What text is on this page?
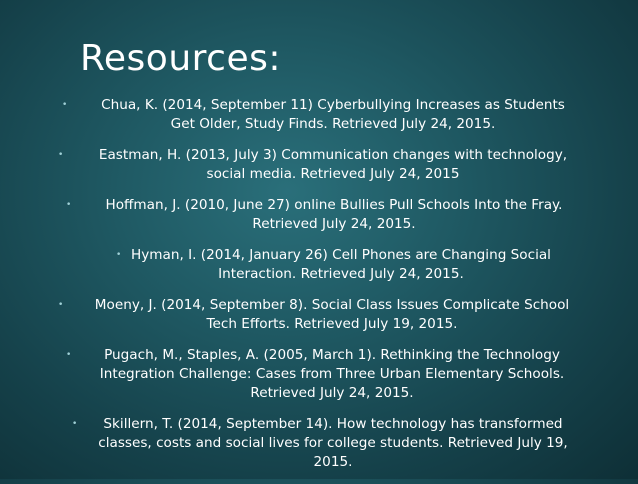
Resources:
•	Chua, K. (2014, September 11) Cyberbullying Increases as Students
Get Older, Study Finds. Retrieved July 24, 2015.
•	Eastman, H. (2013, July 3) Communication changes with technology,
social media. Retrieved July 24, 2015
•	Hoffman, J. (2010, June 27) online Bullies Pull Schools Into the Fray.
Retrieved July 24, 2015.
• Hyman, I. (2014, January 26) Cell Phones are Changing Social
Interaction. Retrieved July 24, 2015.
•	Moeny, J. (2014, September 8). Social Class Issues Complicate School
Tech Efforts. Retrieved July 19, 2015.
•	Pugach, M., Staples, A. (2005, March 1). Rethinking the Technology
Integration Challenge: Cases from Three Urban Elementary Schools.
Retrieved July 24, 2015.
•	Skillern, T. (2014, September 14). How technology has transformed
classes, costs and social lives for college students. Retrieved July 19,
2015.
